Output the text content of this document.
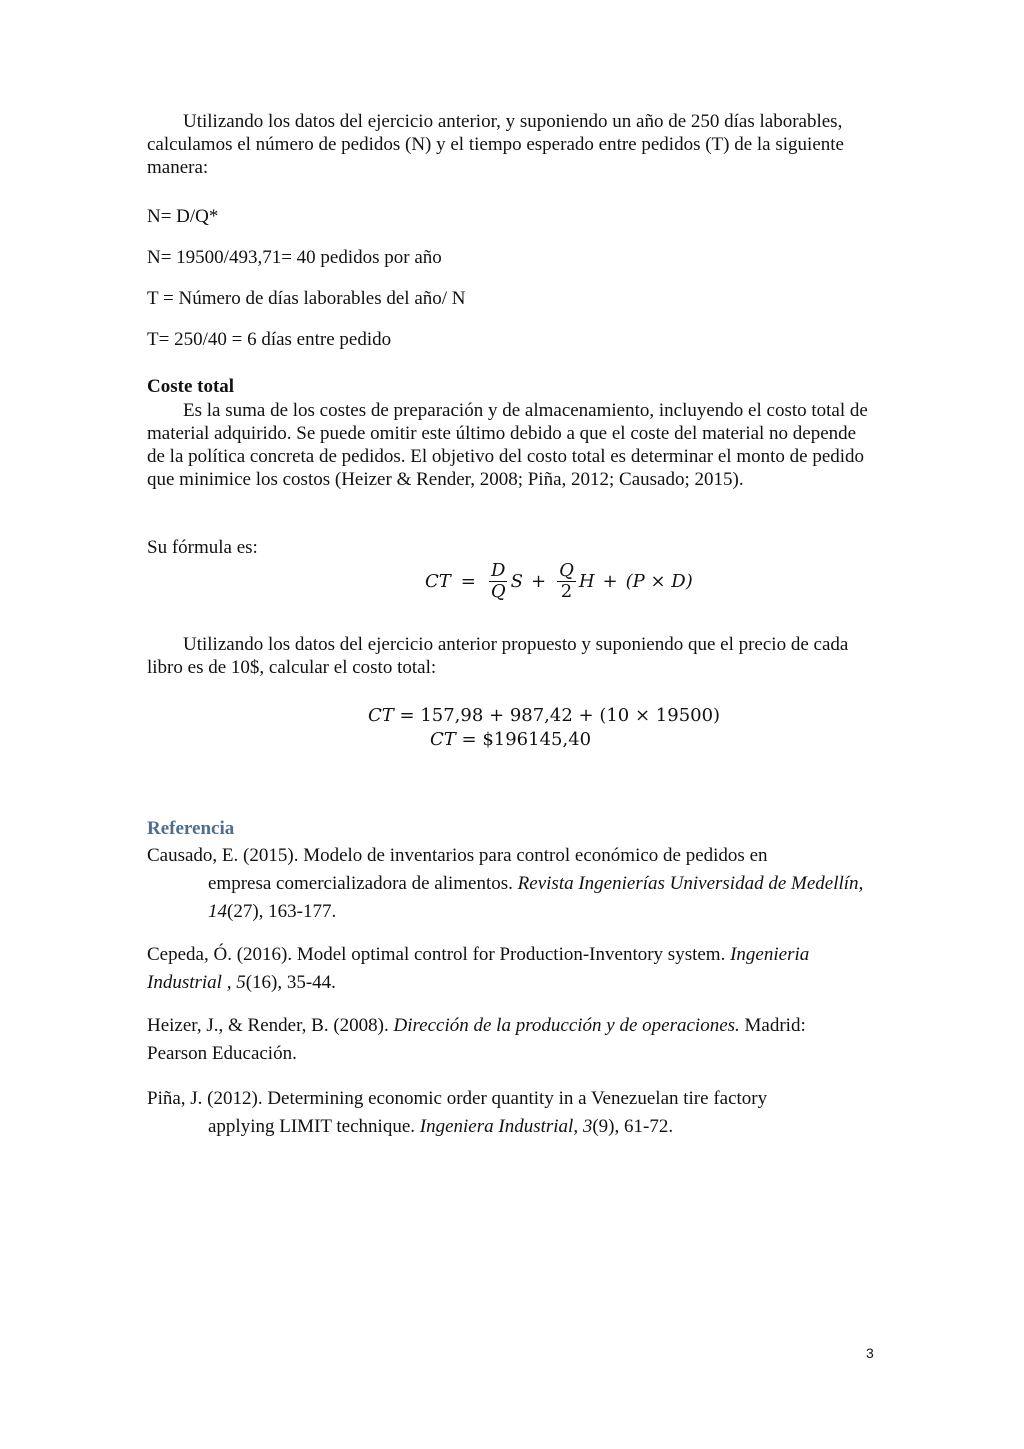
Utilizando los datos del ejercicio anterior, y suponiendo un año de 250 días laborables, calculamos el número de pedidos (N) y el tiempo esperado entre pedidos (T) de la siguiente manera:
N= D/Q*
N= 19500/493,71= 40 pedidos por año
T = Número de días laborables del año/ N
T= 250/40 = 6 días entre pedido
Coste total
Es la suma de los costes de preparación y de almacenamiento, incluyendo el costo total de material adquirido. Se puede omitir este último debido a que el coste del material no depende de la política concreta de pedidos. El objetivo del costo total es determinar el monto de pedido que minimice los costos (Heizer & Render, 2008; Piña, 2012; Causado; 2015).
Su fórmula es:
CT = $\frac{D}{Q}$ $S + \frac{Q}{2}$ H + (P × D)
Utilizando los datos del ejercicio anterior propuesto y suponiendo que el precio de cada libro es de 10$, calcular el costo total:
CT = 157,98 + 987,42 + (10 × 19500)
CT = $196145,40
Referencia
Causado, E. (2015). Modelo de inventarios para control económico de pedidos en
empresa comercializadora de alimentos. Revista Ingenierías Universidad de Medellín, 14(27), 163-177.
Cepeda, Ó. (2016). Model optimal control for Production-Inventory system. Ingenieria Industrial , 5(16), 35-44.
Heizer, J., & Render, B. (2008). Dirección de la producción y de operaciones. Madrid: Pearson Educación.
Piña, J. (2012). Determining economic order quantity in a Venezuelan tire factory
applying LIMIT technique. Ingeniera Industrial, 3(9), 61-72.
3
